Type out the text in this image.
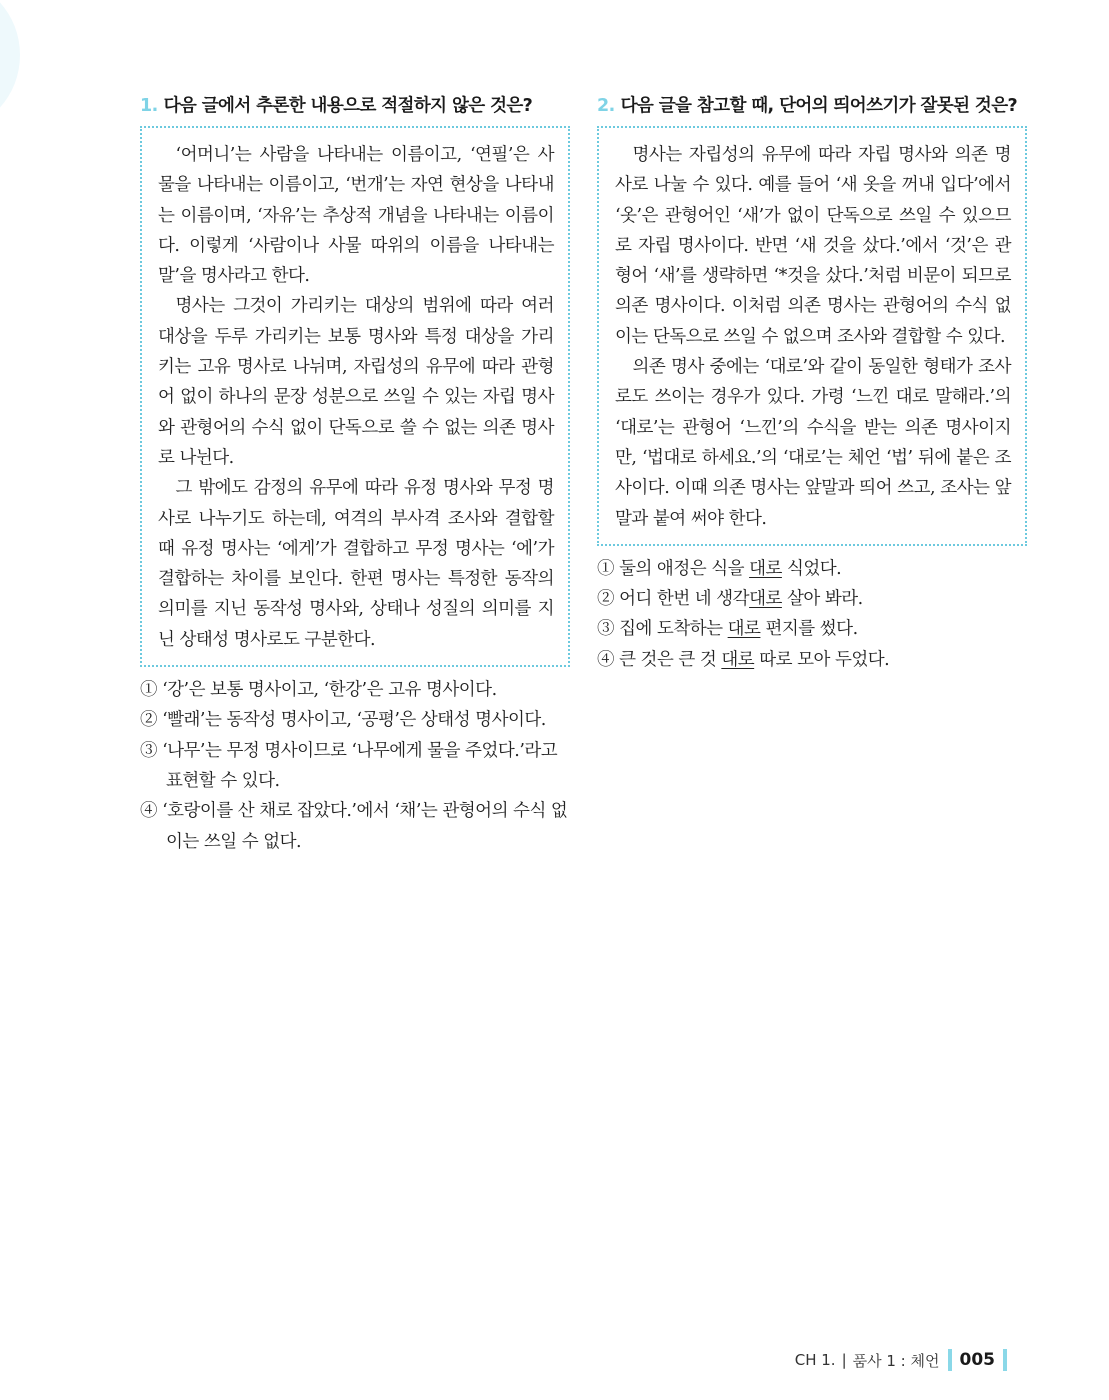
1. 다음 글에서 추론한 내용으로 적절하지 않은 것은?

‘어머니’는 사람을 나타내는 이름이고, ‘연필’은 사물을 나타내는 이름이고, ‘번개’는 자연 현상을 나타내는 이름이며, ‘자유’는 추상적 개념을 나타내는 이름이다. 이렇게 ‘사람이나 사물 따위의 이름을 나타내는 말’을 명사라고 한다.

명사는 그것이 가리키는 대상의 범위에 따라 여러 대상을 두루 가리키는 보통 명사와 특정 대상을 가리키는 고유 명사로 나뉘며, 자립성의 유무에 따라 관형어 없이 하나의 문장 성분으로 쓰일 수 있는 자립 명사와 관형어의 수식 없이 단독으로 쓸 수 없는 의존 명사로 나뉜다.

그 밖에도 감정의 유무에 따라 유정 명사와 무정 명사로 나누기도 하는데, 여격의 부사격 조사와 결합할 때 유정 명사는 ‘에게’가 결합하고 무정 명사는 ‘에’가 결합하는 차이를 보인다. 한편 명사는 특정한 동작의 의미를 지닌 동작성 명사와, 상태나 성질의 의미를 지닌 상태성 명사로도 구분한다.

① ‘강’은 보통 명사이고, ‘한강’은 고유 명사이다.
② ‘빨래’는 동작성 명사이고, ‘공평’은 상태성 명사이다.
③ ‘나무’는 무정 명사이므로 ‘나무에게 물을 주었다.’라고 표현할 수 있다.
④ ‘호랑이를 산 채로 잡았다.’에서 ‘채’는 관형어의 수식 없이는 쓰일 수 없다.
2. 다음 글을 참고할 때, 단어의 띄어쓰기가 잘못된 것은?

명사는 자립성의 유무에 따라 자립 명사와 의존 명사로 나눌 수 있다. 예를 들어 ‘새 옷을 꺼내 입다’에서 ‘옷’은 관형어인 ‘새’가 없이 단독으로 쓰일 수 있으므로 자립 명사이다. 반면 ‘새 것을 샀다.’에서 ‘것’은 관형어 ‘새’를 생략하면 ‘*것을 샀다.’처럼 비문이 되므로 의존 명사이다. 이처럼 의존 명사는 관형어의 수식 없이는 단독으로 쓰일 수 없으며 조사와 결합할 수 있다.

의존 명사 중에는 ‘대로’와 같이 동일한 형태가 조사로도 쓰이는 경우가 있다. 가령 ‘느낀 대로 말해라.’의 ‘대로’는 관형어 ‘느낀’의 수식을 받는 의존 명사이지만, ‘법대로 하세요.’의 ‘대로’는 체언 ‘법’ 뒤에 붙은 조사이다. 이때 의존 명사는 앞말과 띄어 쓰고, 조사는 앞말과 붙여 써야 한다.

① 둘의 애정은 식을 대로 식었다.
② 어디 한번 네 생각대로 살아 봐라.
③ 집에 도착하는 대로 편지를 썼다.
④ 큰 것은 큰 것 대로 따로 모아 두었다.
CH 1. | 품사 1 : 체언 005
